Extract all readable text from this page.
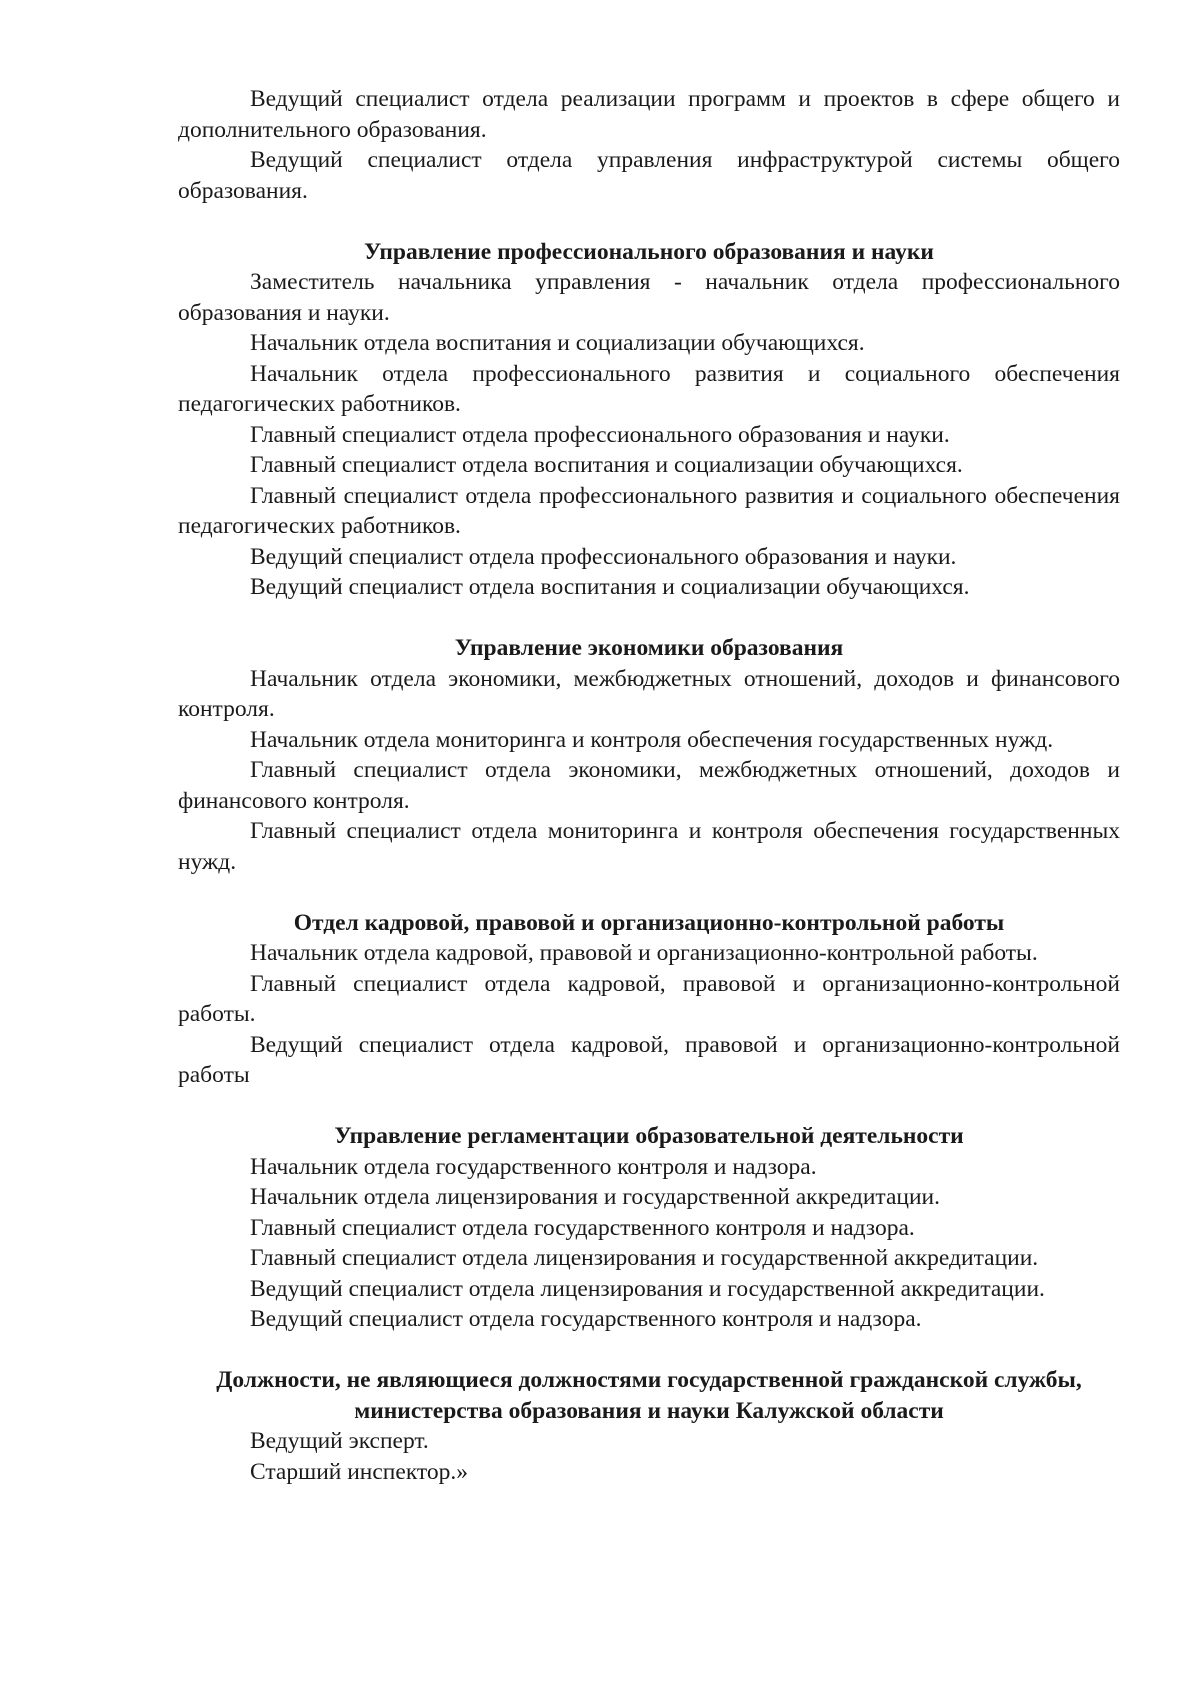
Ведущий специалист отдела реализации программ и проектов в сфере общего и дополнительного образования.

Ведущий специалист отдела управления инфраструктурой системы общего образования.

Управление профессионального образования и науки

Заместитель начальника управления - начальник отдела профессионального образования и науки.

Начальник отдела воспитания и социализации обучающихся.

Начальник отдела профессионального развития и социального обеспечения педагогических работников.

Главный специалист отдела профессионального образования и науки.

Главный специалист отдела воспитания и социализации обучающихся.

Главный специалист отдела профессионального развития и социального обеспечения педагогических работников.

Ведущий специалист отдела профессионального образования и науки.

Ведущий специалист отдела воспитания и социализации обучающихся.

Управление экономики образования

Начальник отдела экономики, межбюджетных отношений, доходов и финансового контроля.

Начальник отдела мониторинга и контроля обеспечения государственных нужд.

Главный специалист отдела экономики, межбюджетных отношений, доходов и финансового контроля.

Главный специалист отдела мониторинга и контроля обеспечения государственных нужд.

Отдел кадровой, правовой и организационно-контрольной работы

Начальник отдела кадровой, правовой и организационно-контрольной работы.

Главный специалист отдела кадровой, правовой и организационно-контрольной работы.

Ведущий специалист отдела кадровой, правовой и организационно-контрольной работы

Управление регламентации образовательной деятельности

Начальник отдела государственного контроля и надзора.

Начальник отдела лицензирования и государственной аккредитации.

Главный специалист отдела государственного контроля и надзора.

Главный специалист отдела лицензирования и государственной аккредитации.

Ведущий специалист отдела лицензирования и государственной аккредитации.

Ведущий специалист отдела государственного контроля и надзора.

Должности, не являющиеся должностями государственной гражданской службы, министерства образования и науки Калужской области

Ведущий эксперт.

Старший инспектор.»
